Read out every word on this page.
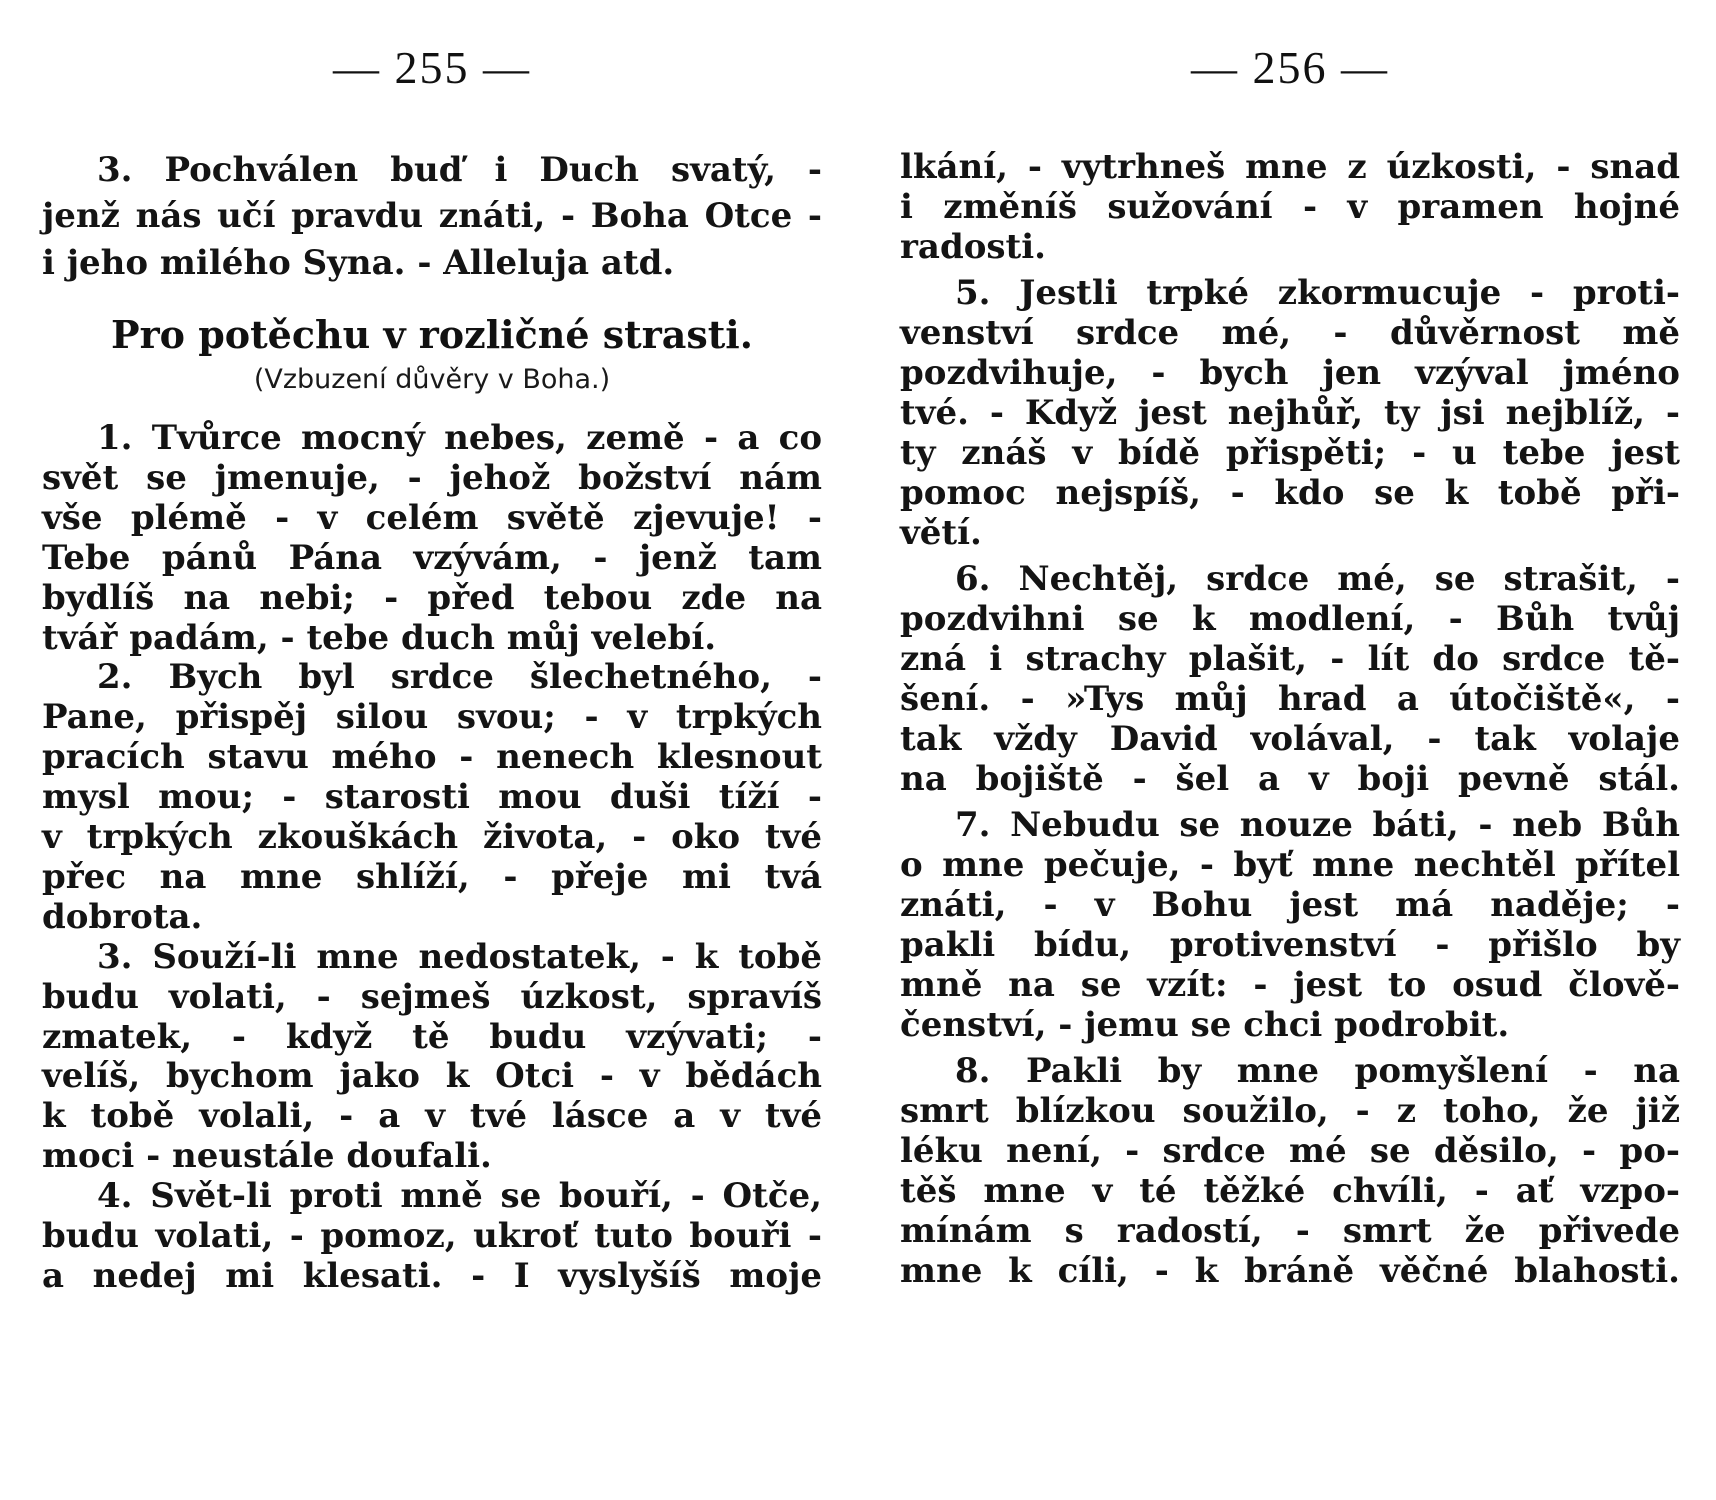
— 255 —
3. Pochválen buď i Duch svatý, -
jenž nás učí pravdu znáti, - Boha Otce -
i jeho milého Syna. - Alleluja atd.
Pro potěchu v rozličné strasti.
(Vzbuzení důvěry v Boha.)
1. Tvůrce mocný nebes, země - a co
svět se jmenuje, - jehož božství nám
vše plémě - v celém světě zjevuje! -
Tebe pánů Pána vzývám, - jenž tam
bydlíš na nebi; - před tebou zde na
tvář padám, - tebe duch můj velebí.
2. Bych byl srdce šlechetného, -
Pane, přispěj silou svou; - v trpkých
pracích stavu mého - nenech klesnout
mysl mou; - starosti mou duši tíží -
v trpkých zkouškách života, - oko tvé
přec na mne shlíží, - přeje mi tvá
dobrota.
3. Souží-li mne nedostatek, - k tobě
budu volati, - sejmeš úzkost, spravíš
zmatek, - když tě budu vzývati; -
velíš, bychom jako k Otci - v bědách
k tobě volali, - a v tvé lásce a v tvé
moci - neustále doufali.
4. Svět-li proti mně se bouří, - Otče,
budu volati, - pomoz, ukroť tuto bouři -
a nedej mi klesati. - I vyslyšíš moje
— 256 —
lkání, - vytrhneš mne z úzkosti, - snad
i změníš sužování - v pramen hojné
radosti.
5. Jestli trpké zkormucuje - proti-
venství srdce mé, - důvěrnost mě
pozdvihuje, - bych jen vzýval jméno
tvé. - Když jest nejhůř, ty jsi nejblíž, -
ty znáš v bídě přispěti; - u tebe jest
pomoc nejspíš, - kdo se k tobě při-
větí.
6. Nechtěj, srdce mé, se strašit, -
pozdvihni se k modlení, - Bůh tvůj
zná i strachy plašit, - lít do srdce tě-
šení. - »Tys můj hrad a útočiště«, -
tak vždy David volával, - tak volaje
na bojiště - šel a v boji pevně stál.
7. Nebudu se nouze báti, - neb Bůh
o mne pečuje, - byť mne nechtěl přítel
znáti, - v Bohu jest má naděje; -
pakli bídu, protivenství - přišlo by
mně na se vzít: - jest to osud člově-
čenství, - jemu se chci podrobit.
8. Pakli by mne pomyšlení - na
smrt blízkou soužilo, - z toho, že již
léku není, - srdce mé se děsilo, - po-
těš mne v té těžké chvíli, - ať vzpo-
mínám s radostí, - smrt že přivede
mne k cíli, - k bráně věčné blahosti.
